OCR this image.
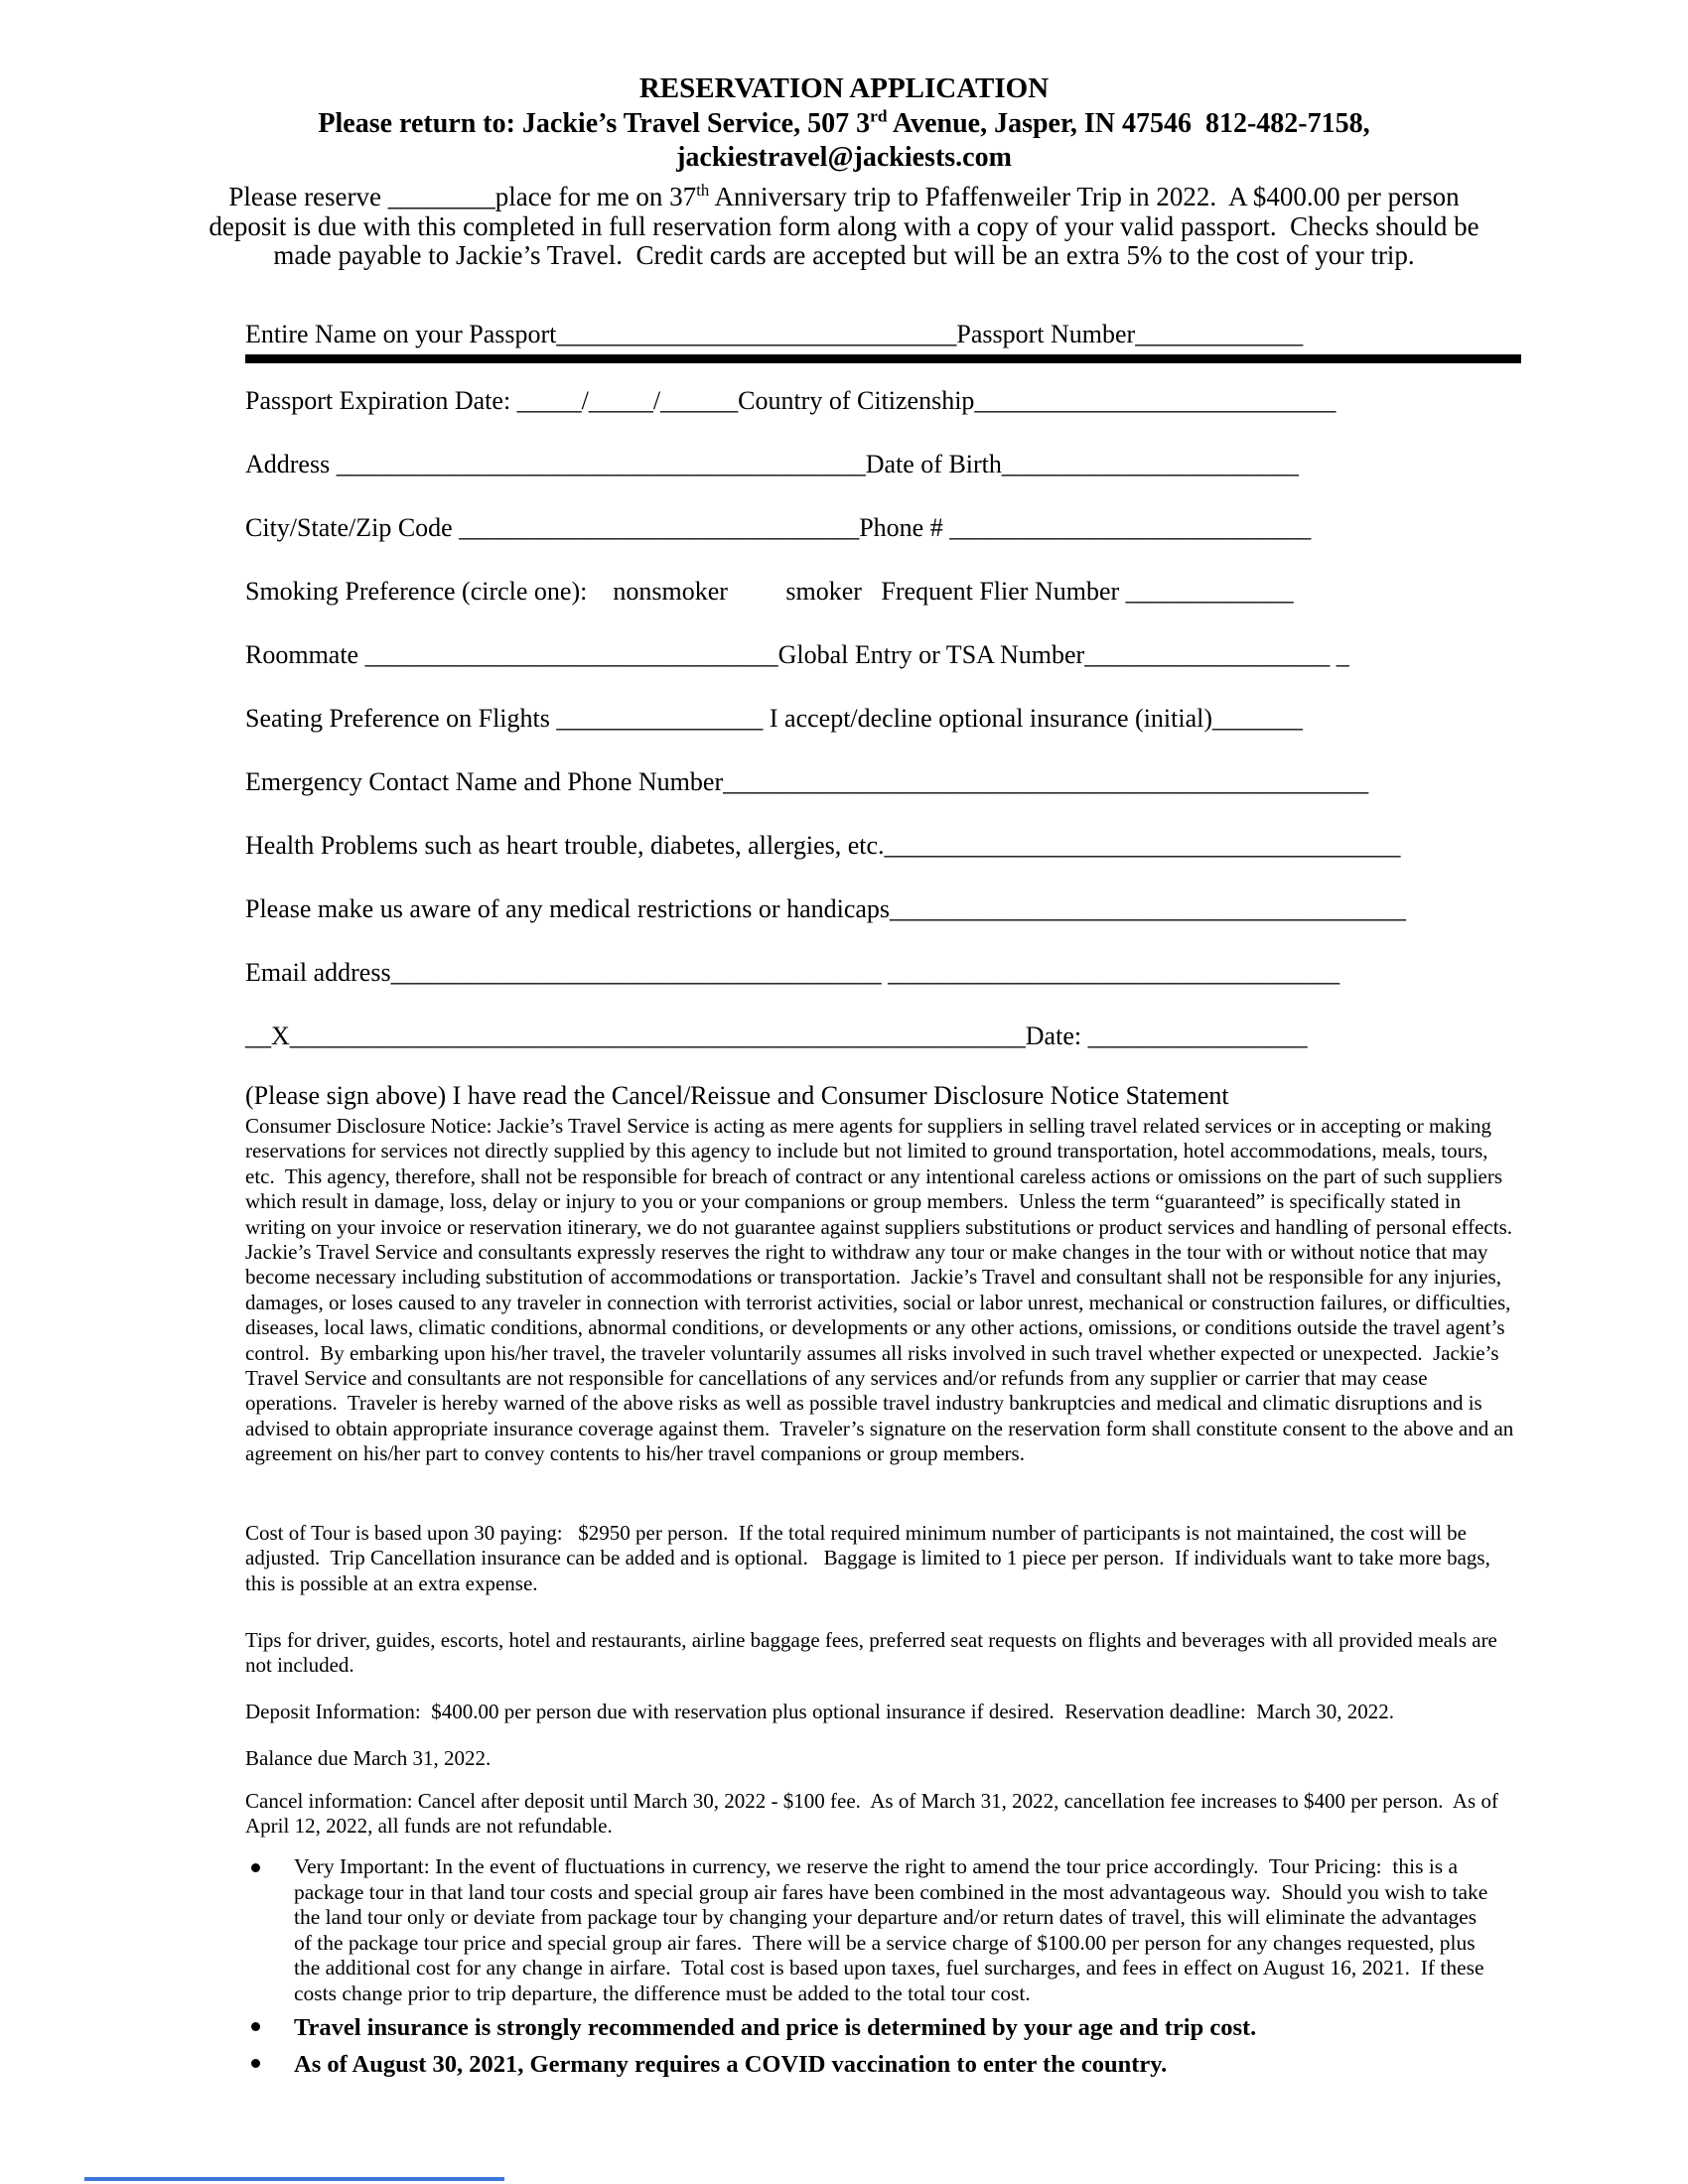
RESERVATION APPLICATION
Please return to: Jackie’s Travel Service, 507 3rd Avenue, Jasper, IN 47546  812-482-7158,
jackiestravel@jackiests.com
Please reserve ________place for me on 37th Anniversary trip to Pfaffenweiler Trip in 2022.  A $400.00 per person deposit is due with this completed in full reservation form along with a copy of your valid passport.  Checks should be made payable to Jackie’s Travel.  Credit cards are accepted but will be an extra 5% to the cost of your trip.
Entire Name on your Passport_______________________________Passport Number_____________
Passport Expiration Date: _____/_____/______Country of Citizenship____________________________
Address _________________________________________Date of Birth_______________________
City/State/Zip Code _______________________________Phone # ____________________________
Smoking Preference (circle one):    nonsmoker         smoker   Frequent Flier Number _____________
Roommate ________________________________Global Entry or TSA Number___________________ _
Seating Preference on Flights ________________ I accept/decline optional insurance (initial)_______
Emergency Contact Name and Phone Number__________________________________________________
Health Problems such as heart trouble, diabetes, allergies, etc.________________________________________
Please make us aware of any medical restrictions or handicaps________________________________________
Email address______________________________________ ___________________________________
__X_________________________________________________________Date: _________________
(Please sign above) I have read the Cancel/Reissue and Consumer Disclosure Notice Statement
Consumer Disclosure Notice: Jackie’s Travel Service is acting as mere agents for suppliers in selling travel related services or in accepting or making reservations for services not directly supplied by this agency to include but not limited to ground transportation, hotel accommodations, meals, tours, etc.  This agency, therefore, shall not be responsible for breach of contract or any intentional careless actions or omissions on the part of such suppliers which result in damage, loss, delay or injury to you or your companions or group members.  Unless the term “guaranteed” is specifically stated in writing on your invoice or reservation itinerary, we do not guarantee against suppliers substitutions or product services and handling of personal effects.  Jackie’s Travel Service and consultants expressly reserves the right to withdraw any tour or make changes in the tour with or without notice that may become necessary including substitution of accommodations or transportation.  Jackie’s Travel and consultant shall not be responsible for any injuries, damages, or loses caused to any traveler in connection with terrorist activities, social or labor unrest, mechanical or construction failures, or difficulties, diseases, local laws, climatic conditions, abnormal conditions, or developments or any other actions, omissions, or conditions outside the travel agent’s control.  By embarking upon his/her travel, the traveler voluntarily assumes all risks involved in such travel whether expected or unexpected.  Jackie’s Travel Service and consultants are not responsible for cancellations of any services and/or refunds from any supplier or carrier that may cease operations.  Traveler is hereby warned of the above risks as well as possible travel industry bankruptcies and medical and climatic disruptions and is advised to obtain appropriate insurance coverage against them.  Traveler’s signature on the reservation form shall constitute consent to the above and an agreement on his/her part to convey contents to his/her travel companions or group members.
Cost of Tour is based upon 30 paying:   $2950 per person.  If the total required minimum number of participants is not maintained, the cost will be adjusted.  Trip Cancellation insurance can be added and is optional.   Baggage is limited to 1 piece per person.  If individuals want to take more bags, this is possible at an extra expense.
Tips for driver, guides, escorts, hotel and restaurants, airline baggage fees, preferred seat requests on flights and beverages with all provided meals are not included.
Deposit Information:  $400.00 per person due with reservation plus optional insurance if desired.  Reservation deadline:  March 30, 2022.
Balance due March 31, 2022.
Cancel information: Cancel after deposit until March 30, 2022 - $100 fee.  As of March 31, 2022, cancellation fee increases to $400 per person.  As of April 12, 2022, all funds are not refundable.
Very Important: In the event of fluctuations in currency, we reserve the right to amend the tour price accordingly.  Tour Pricing:  this is a package tour in that land tour costs and special group air fares have been combined in the most advantageous way.  Should you wish to take the land tour only or deviate from package tour by changing your departure and/or return dates of travel, this will eliminate the advantages of the package tour price and special group air fares.  There will be a service charge of $100.00 per person for any changes requested, plus the additional cost for any change in airfare.  Total cost is based upon taxes, fuel surcharges, and fees in effect on August 16, 2021.  If these costs change prior to trip departure, the difference must be added to the total tour cost.
Travel insurance is strongly recommended and price is determined by your age and trip cost.
As of August 30, 2021, Germany requires a COVID vaccination to enter the country.
